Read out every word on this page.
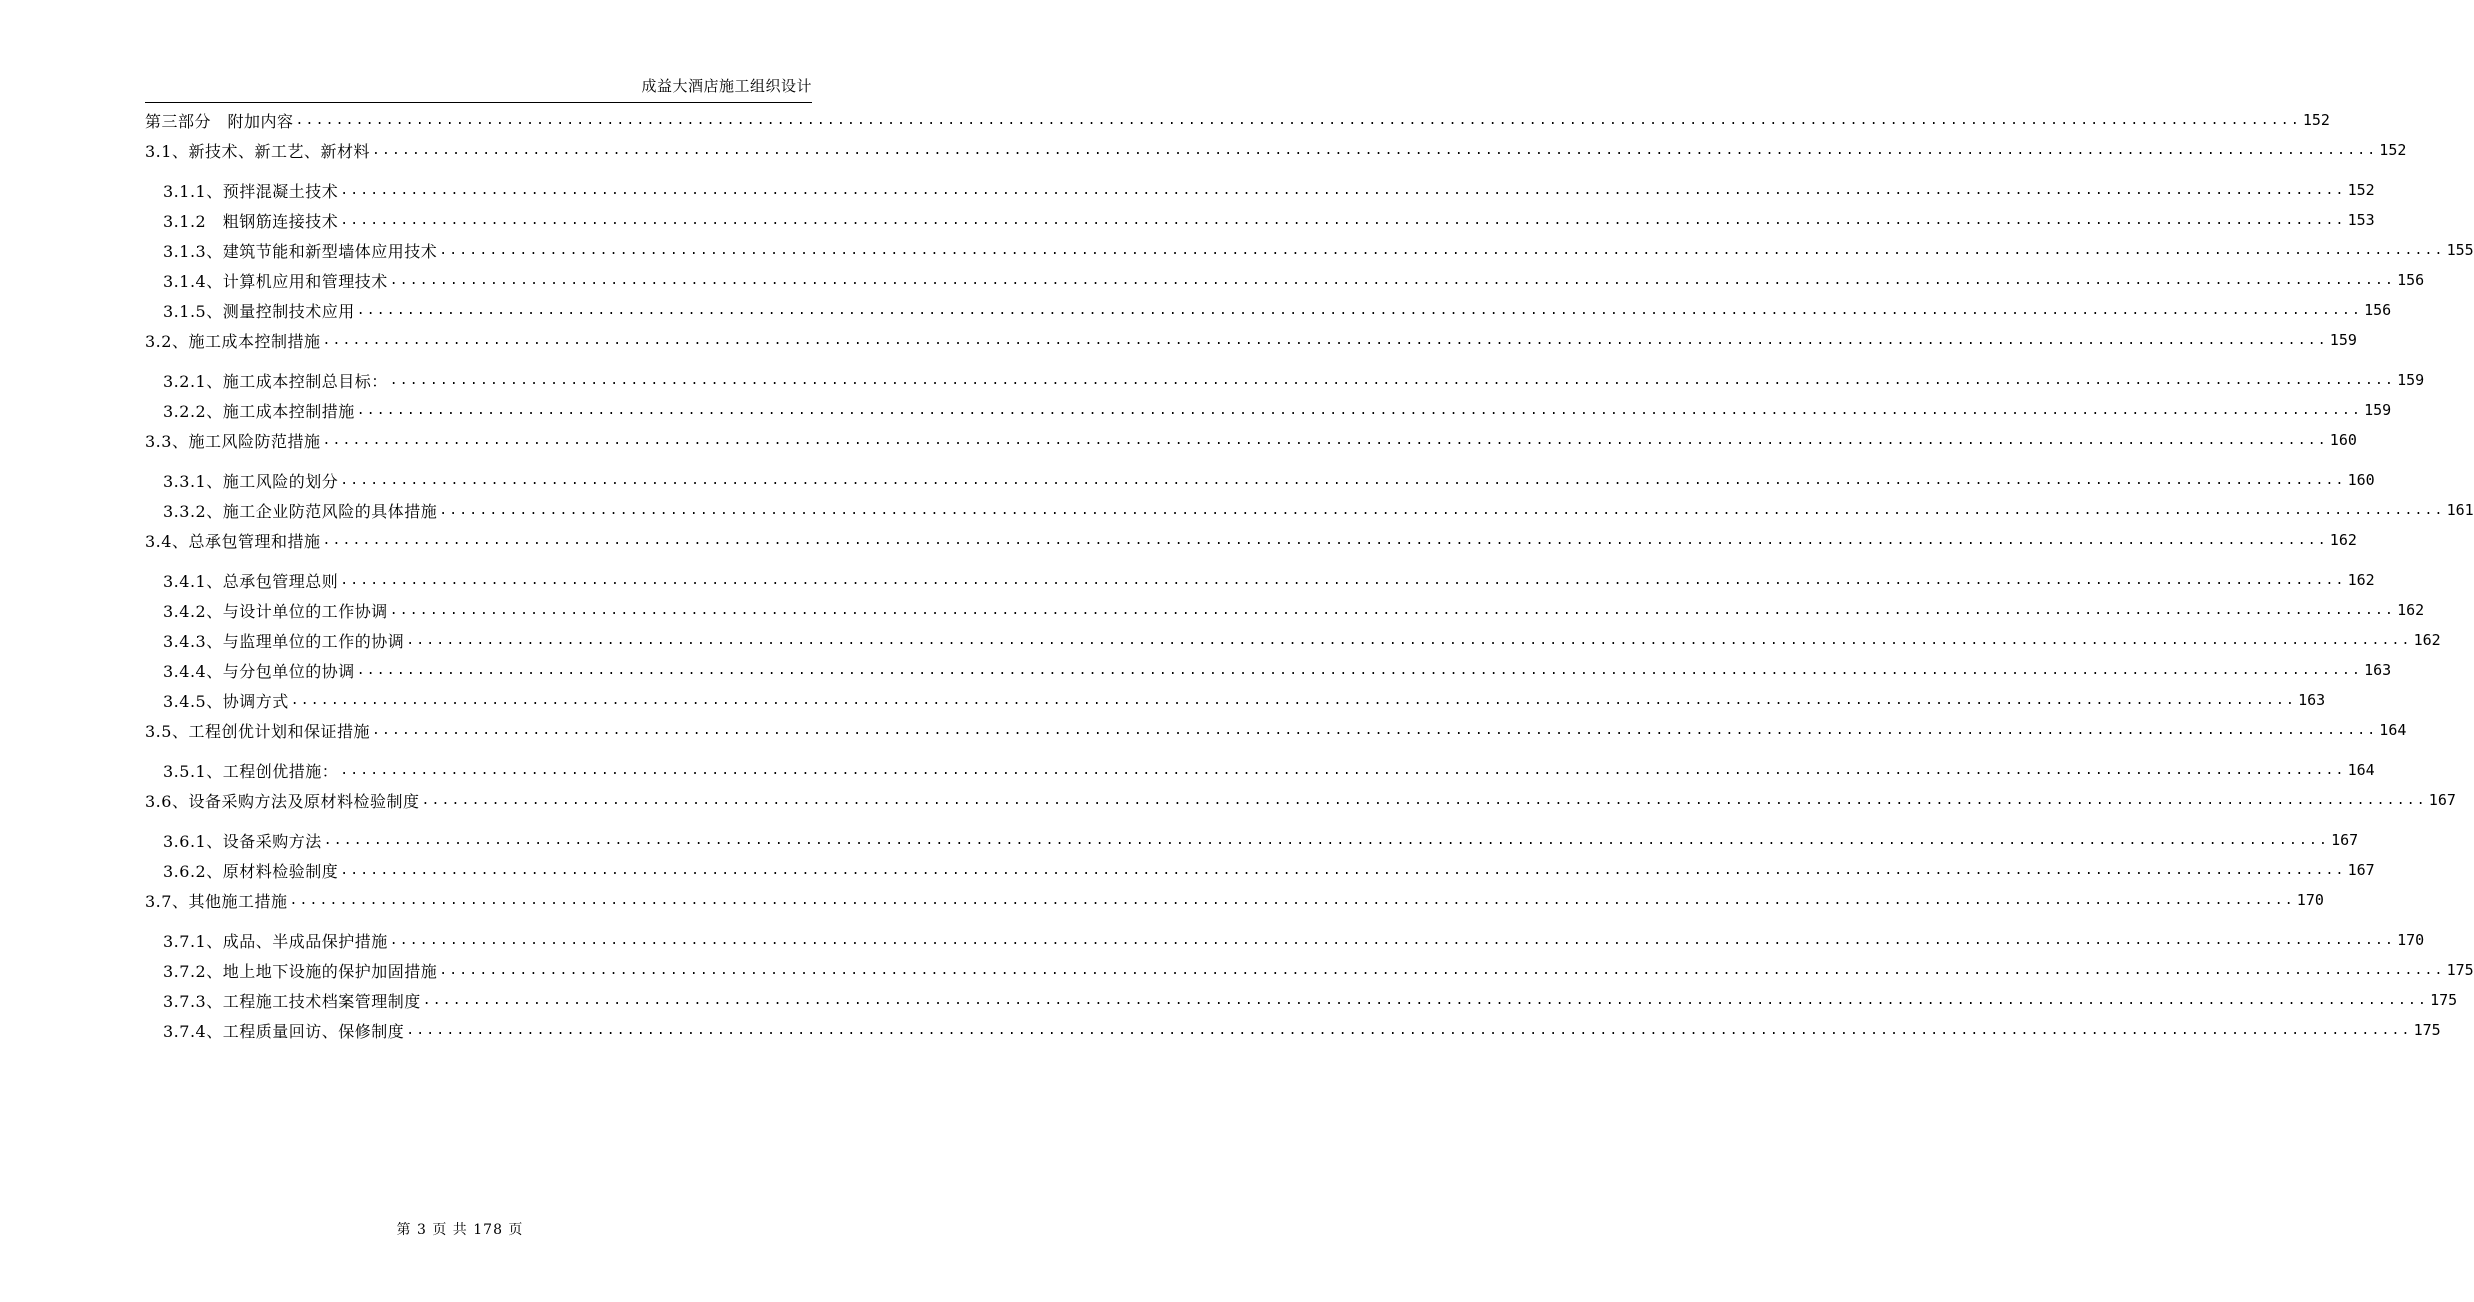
成益大酒店施工组织设计
第三部分　附加内容 ........................................................................................................................................................................................................ 152
3.1、新技术、新工艺、新材料 ........................................................................................................................................................................................................ 152
3.1.1、预拌混凝土技术 ........................................................................................................................................................................................................ 152
3.1.2　粗钢筋连接技术 ........................................................................................................................................................................................................ 153
3.1.3、建筑节能和新型墙体应用技术 ........................................................................................................................................................................................................ 155
3.1.4、计算机应用和管理技术 ........................................................................................................................................................................................................ 156
3.1.5、测量控制技术应用 ........................................................................................................................................................................................................ 156
3.2、施工成本控制措施 ........................................................................................................................................................................................................ 159
3.2.1、施工成本控制总目标： ........................................................................................................................................................................................................ 159
3.2.2、施工成本控制措施 ........................................................................................................................................................................................................ 159
3.3、施工风险防范措施 ........................................................................................................................................................................................................ 160
3.3.1、施工风险的划分 ........................................................................................................................................................................................................ 160
3.3.2、施工企业防范风险的具体措施 ........................................................................................................................................................................................................ 161
3.4、总承包管理和措施 ........................................................................................................................................................................................................ 162
3.4.1、总承包管理总则 ........................................................................................................................................................................................................ 162
3.4.2、与设计单位的工作协调 ........................................................................................................................................................................................................ 162
3.4.3、与监理单位的工作的协调 ........................................................................................................................................................................................................ 162
3.4.4、与分包单位的协调 ........................................................................................................................................................................................................ 163
3.4.5、协调方式 ........................................................................................................................................................................................................ 163
3.5、工程创优计划和保证措施 ........................................................................................................................................................................................................ 164
3.5.1、工程创优措施： ........................................................................................................................................................................................................ 164
3.6、设备采购方法及原材料检验制度 ........................................................................................................................................................................................................ 167
3.6.1、设备采购方法 ........................................................................................................................................................................................................ 167
3.6.2、原材料检验制度 ........................................................................................................................................................................................................ 167
3.7、其他施工措施 ........................................................................................................................................................................................................ 170
3.7.1、成品、半成品保护措施 ........................................................................................................................................................................................................ 170
3.7.2、地上地下设施的保护加固措施 ........................................................................................................................................................................................................ 175
3.7.3、工程施工技术档案管理制度 ........................................................................................................................................................................................................ 175
3.7.4、工程质量回访、保修制度 ........................................................................................................................................................................................................ 175
第 3 页 共 178 页
